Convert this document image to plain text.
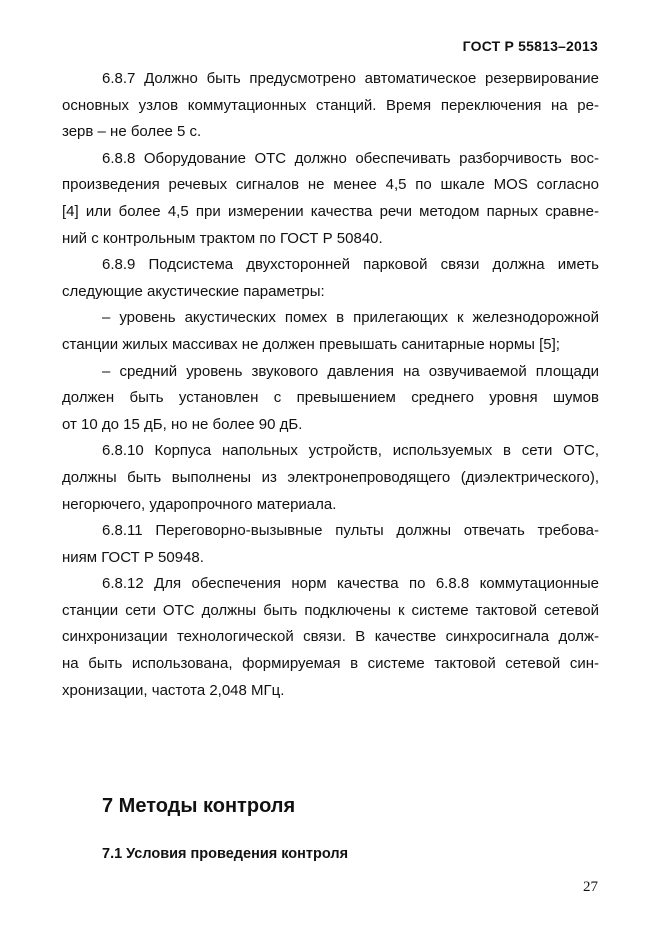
ГОСТ Р 55813–2013
6.8.7 Должно быть предусмотрено автоматическое резервирование
основных узлов коммутационных станций. Время переключения на ре-
зерв – не более 5 с.
6.8.8 Оборудование ОТС должно обеспечивать разборчивость вос-
произведения речевых сигналов не менее 4,5 по шкале MOS согласно
[4] или более 4,5 при измерении качества речи методом парных сравне-
ний с контрольным трактом по ГОСТ Р 50840.
6.8.9 Подсистема двухсторонней парковой связи должна иметь
следующие акустические параметры:
– уровень акустических помех в прилегающих к железнодорожной
станции жилых массивах не должен превышать санитарные нормы [5];
– средний уровень звукового давления на озвучиваемой площади
должен быть установлен с превышением среднего уровня шумов
от 10 до 15 дБ, но не более 90 дБ.
6.8.10 Корпуса напольных устройств, используемых в сети ОТС,
должны быть выполнены из электронепроводящего (диэлектрического),
негорючего, ударопрочного материала.
6.8.11 Переговорно-вызывные пульты должны отвечать требова-
ниям ГОСТ Р 50948.
6.8.12 Для обеспечения норм качества по 6.8.8 коммутационные
станции сети ОТС должны быть подключены к системе тактовой сетевой
синхронизации технологической связи. В качестве синхросигнала долж-
на быть использована, формируемая в системе тактовой сетевой син-
хронизации, частота 2,048 МГц.
7 Методы контроля
7.1 Условия проведения контроля
27
